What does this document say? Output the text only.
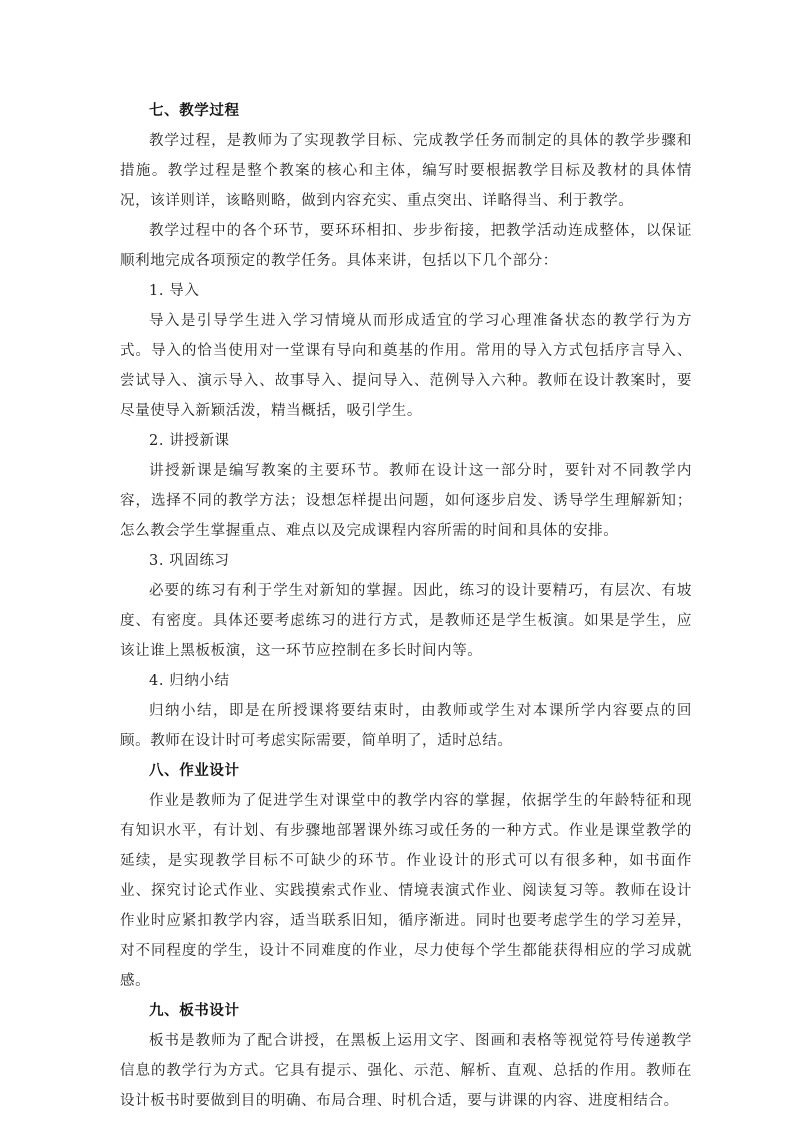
七、教学过程

教学过程，是教师为了实现教学目标、完成教学任务而制定的具体的教学步骤和措施。教学过程是整个教案的核心和主体，编写时要根据教学目标及教材的具体情况，该详则详，该略则略，做到内容充实、重点突出、详略得当、利于教学。

教学过程中的各个环节，要环环相扣、步步衔接，把教学活动连成整体，以保证顺利地完成各项预定的教学任务。具体来讲，包括以下几个部分：

1. 导入

导入是引导学生进入学习情境从而形成适宜的学习心理准备状态的教学行为方式。导入的恰当使用对一堂课有导向和奠基的作用。常用的导入方式包括序言导入、尝试导入、演示导入、故事导入、提问导入、范例导入六种。教师在设计教案时，要尽量使导入新颖活泼，精当概括，吸引学生。

2. 讲授新课

讲授新课是编写教案的主要环节。教师在设计这一部分时，要针对不同教学内容，选择不同的教学方法；设想怎样提出问题，如何逐步启发、诱导学生理解新知；怎么教会学生掌握重点、难点以及完成课程内容所需的时间和具体的安排。

3. 巩固练习

必要的练习有利于学生对新知的掌握。因此，练习的设计要精巧，有层次、有坡度、有密度。具体还要考虑练习的进行方式，是教师还是学生板演。如果是学生，应该让谁上黑板板演，这一环节应控制在多长时间内等。

4. 归纳小结

归纳小结，即是在所授课将要结束时，由教师或学生对本课所学内容要点的回顾。教师在设计时可考虑实际需要，简单明了，适时总结。

八、作业设计

作业是教师为了促进学生对课堂中的教学内容的掌握，依据学生的年龄特征和现有知识水平，有计划、有步骤地部署课外练习或任务的一种方式。作业是课堂教学的延续，是实现教学目标不可缺少的环节。作业设计的形式可以有很多种，如书面作业、探究讨论式作业、实践摸索式作业、情境表演式作业、阅读复习等。教师在设计作业时应紧扣教学内容，适当联系旧知，循序渐进。同时也要考虑学生的学习差异，对不同程度的学生，设计不同难度的作业，尽力使每个学生都能获得相应的学习成就感。

九、板书设计

板书是教师为了配合讲授，在黑板上运用文字、图画和表格等视觉符号传递教学信息的教学行为方式。它具有提示、强化、示范、解析、直观、总括的作用。教师在设计板书时要做到目的明确、布局合理、时机合适，要与讲课的内容、进度相结合。
